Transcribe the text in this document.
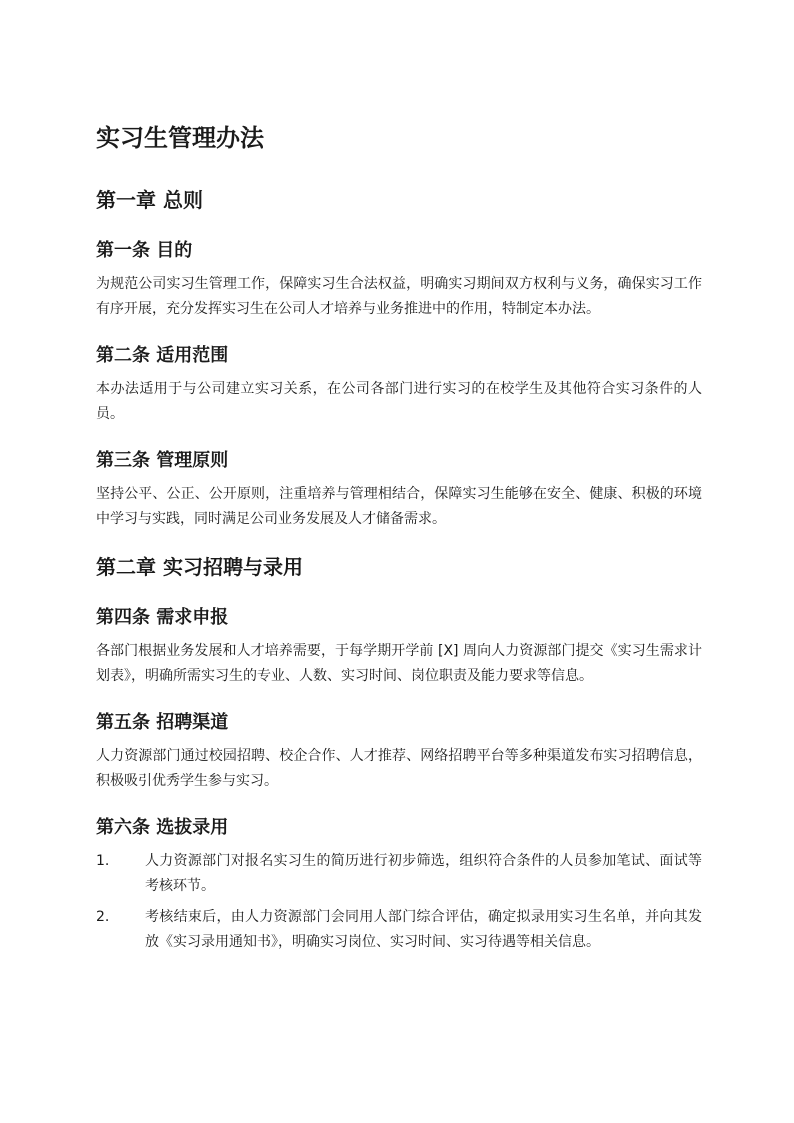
实习生管理办法
第一章 总则
第一条 目的

为规范公司实习生管理工作，保障实习生合法权益，明确实习期间双方权利与义务，确保实习工作有序开展，充分发挥实习生在公司人才培养与业务推进中的作用，特制定本办法。

第二条 适用范围

本办法适用于与公司建立实习关系，在公司各部门进行实习的在校学生及其他符合实习条件的人员。

第三条 管理原则

坚持公平、公正、公开原则，注重培养与管理相结合，保障实习生能够在安全、健康、积极的环境中学习与实践，同时满足公司业务发展及人才储备需求。

第二章 实习招聘与录用
第四条 需求申报

各部门根据业务发展和人才培养需要，于每学期开学前 [X] 周向人力资源部门提交《实习生需求计划表》，明确所需实习生的专业、人数、实习时间、岗位职责及能力要求等信息。

第五条 招聘渠道

人力资源部门通过校园招聘、校企合作、人才推荐、网络招聘平台等多种渠道发布实习招聘信息，积极吸引优秀学生参与实习。

第六条 选拔录用
1.	人力资源部门对报名实习生的简历进行初步筛选，组织符合条件的人员参加笔试、面试等考核环节。
2.	考核结束后，由人力资源部门会同用人部门综合评估，确定拟录用实习生名单，并向其发放《实习录用通知书》，明确实习岗位、实习时间、实习待遇等相关信息。
